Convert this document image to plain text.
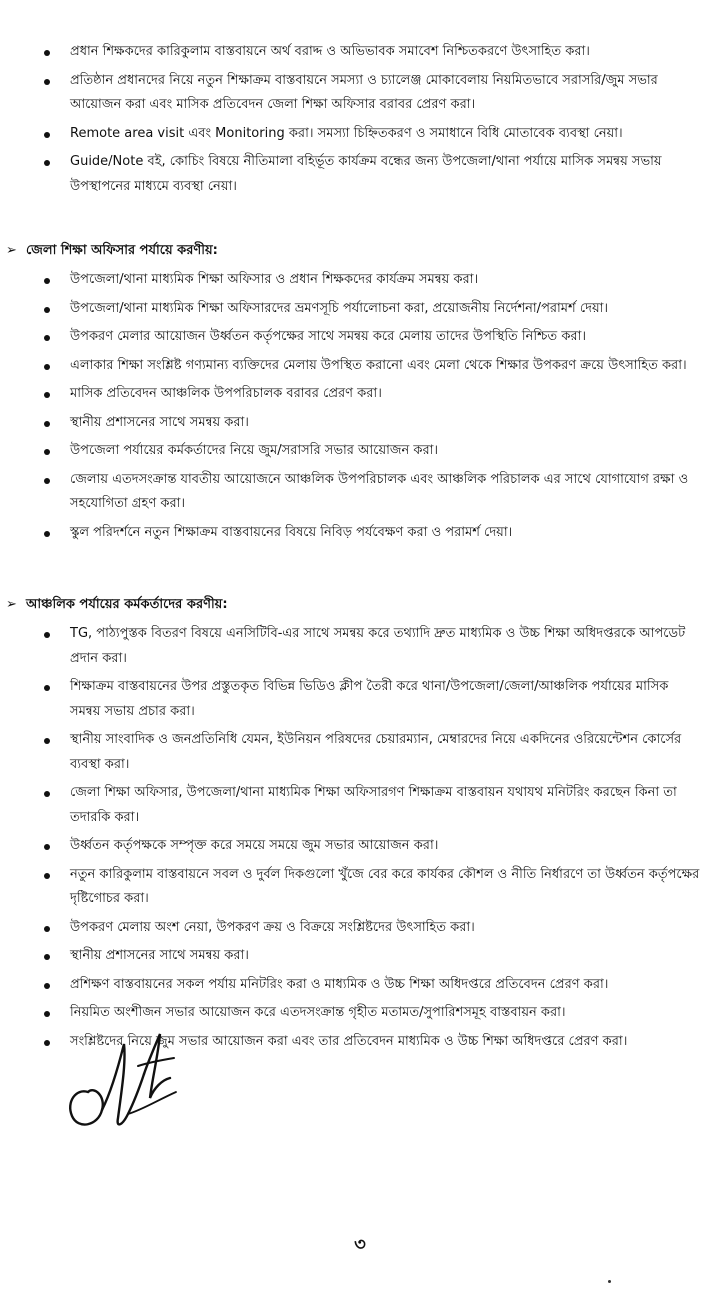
প্রধান শিক্ষকদের কারিকুলাম বাস্তবায়নে অর্থ বরাদ্দ ও অভিভাবক সমাবেশ নিশ্চিতকরণে উৎসাহিত করা।
প্রতিষ্ঠান প্রধানদের নিয়ে নতুন শিক্ষাক্রম বাস্তবায়নে সমস্যা ও চ্যালেঞ্জ মোকাবেলায় নিয়মিতভাবে সরাসরি/জুম সভার আয়োজন করা এবং মাসিক প্রতিবেদন জেলা শিক্ষা অফিসার বরাবর প্রেরণ করা।
Remote area visit এবং Monitoring করা। সমস্যা চিহ্নিতকরণ ও সমাধানে বিধি মোতাবেক ব্যবস্থা নেয়া।
Guide/Note বই, কোচিং বিষয়ে নীতিমালা বহির্ভূত কার্যক্রম বন্ধের জন্য উপজেলা/থানা পর্যায়ে মাসিক সমন্বয় সভায় উপস্থাপনের মাধ্যমে ব্যবস্থা নেয়া।
➢ জেলা শিক্ষা অফিসার পর্যায়ে করণীয়:
উপজেলা/থানা মাধ্যমিক শিক্ষা অফিসার ও প্রধান শিক্ষকদের কার্যক্রম সমন্বয় করা।
উপজেলা/থানা মাধ্যমিক শিক্ষা অফিসারদের ভ্রমণসূচি পর্যালোচনা করা, প্রয়োজনীয় নির্দেশনা/পরামর্শ দেয়া।
উপকরণ মেলার আয়োজন উর্ধ্বতন কর্তৃপক্ষের সাথে সমন্বয় করে মেলায় তাদের উপস্থিতি নিশ্চিত করা।
এলাকার শিক্ষা সংশ্লিষ্ট গণ্যমান্য ব্যক্তিদের মেলায় উপস্থিত করানো এবং মেলা থেকে শিক্ষার উপকরণ ক্রয়ে উৎসাহিত করা।
মাসিক প্রতিবেদন আঞ্চলিক উপপরিচালক বরাবর প্রেরণ করা।
স্থানীয় প্রশাসনের সাথে সমন্বয় করা।
উপজেলা পর্যায়ের কর্মকর্তাদের নিয়ে জুম/সরাসরি সভার আয়োজন করা।
জেলায় এতদসংক্রান্ত যাবতীয় আয়োজনে আঞ্চলিক উপপরিচালক এবং আঞ্চলিক পরিচালক এর সাথে যোগাযোগ রক্ষা ও সহযোগিতা গ্রহণ করা।
স্কুল পরিদর্শনে নতুন শিক্ষাক্রম বাস্তবায়নের বিষয়ে নিবিড় পর্যবেক্ষণ করা ও পরামর্শ দেয়া।
➢ আঞ্চলিক পর্যায়ের কর্মকর্তাদের করণীয়:
TG, পাঠ্যপুস্তক বিতরণ বিষয়ে এনসিটিবি-এর সাথে সমন্বয় করে তথ্যাদি দ্রুত মাধ্যমিক ও উচ্চ শিক্ষা অধিদপ্তরকে আপডেট প্রদান করা।
শিক্ষাক্রম বাস্তবায়নের উপর প্রস্তুতকৃত বিভিন্ন ভিডিও ক্লীপ তৈরী করে থানা/উপজেলা/জেলা/আঞ্চলিক পর্যায়ের মাসিক সমন্বয় সভায় প্রচার করা।
স্থানীয় সাংবাদিক ও জনপ্রতিনিধি যেমন, ইউনিয়ন পরিষদের চেয়ারম্যান, মেম্বারদের নিয়ে একদিনের ওরিয়েন্টেশন কোর্সের ব্যবস্থা করা।
জেলা শিক্ষা অফিসার, উপজেলা/থানা মাধ্যমিক শিক্ষা অফিসারগণ শিক্ষাক্রম বাস্তবায়ন যথাযথ মনিটরিং করছেন কিনা তা তদারকি করা।
উর্ধ্বতন কর্তৃপক্ষকে সম্পৃক্ত করে সময়ে সময়ে জুম সভার আয়োজন করা।
নতুন কারিকুলাম বাস্তবায়নে সবল ও দুর্বল দিকগুলো খুঁজে বের করে কার্যকর কৌশল ও নীতি নির্ধারণে তা উর্ধ্বতন কর্তৃপক্ষের দৃষ্টিগোচর করা।
উপকরণ মেলায় অংশ নেয়া, উপকরণ ক্রয় ও বিক্রয়ে সংশ্লিষ্টদের উৎসাহিত করা।
স্থানীয় প্রশাসনের সাথে সমন্বয় করা।
প্রশিক্ষণ বাস্তবায়নের সকল পর্যায় মনিটরিং করা ও মাধ্যমিক ও উচ্চ শিক্ষা অধিদপ্তরে প্রতিবেদন প্রেরণ করা।
নিয়মিত অংশীজন সভার আয়োজন করে এতদসংক্রান্ত গৃহীত মতামত/সুপারিশসমূহ বাস্তবায়ন করা।
সংশ্লিষ্টদের নিয়ে জুম সভার আয়োজন করা এবং তার প্রতিবেদন মাধ্যমিক ও উচ্চ শিক্ষা অধিদপ্তরে প্রেরণ করা।
৩
